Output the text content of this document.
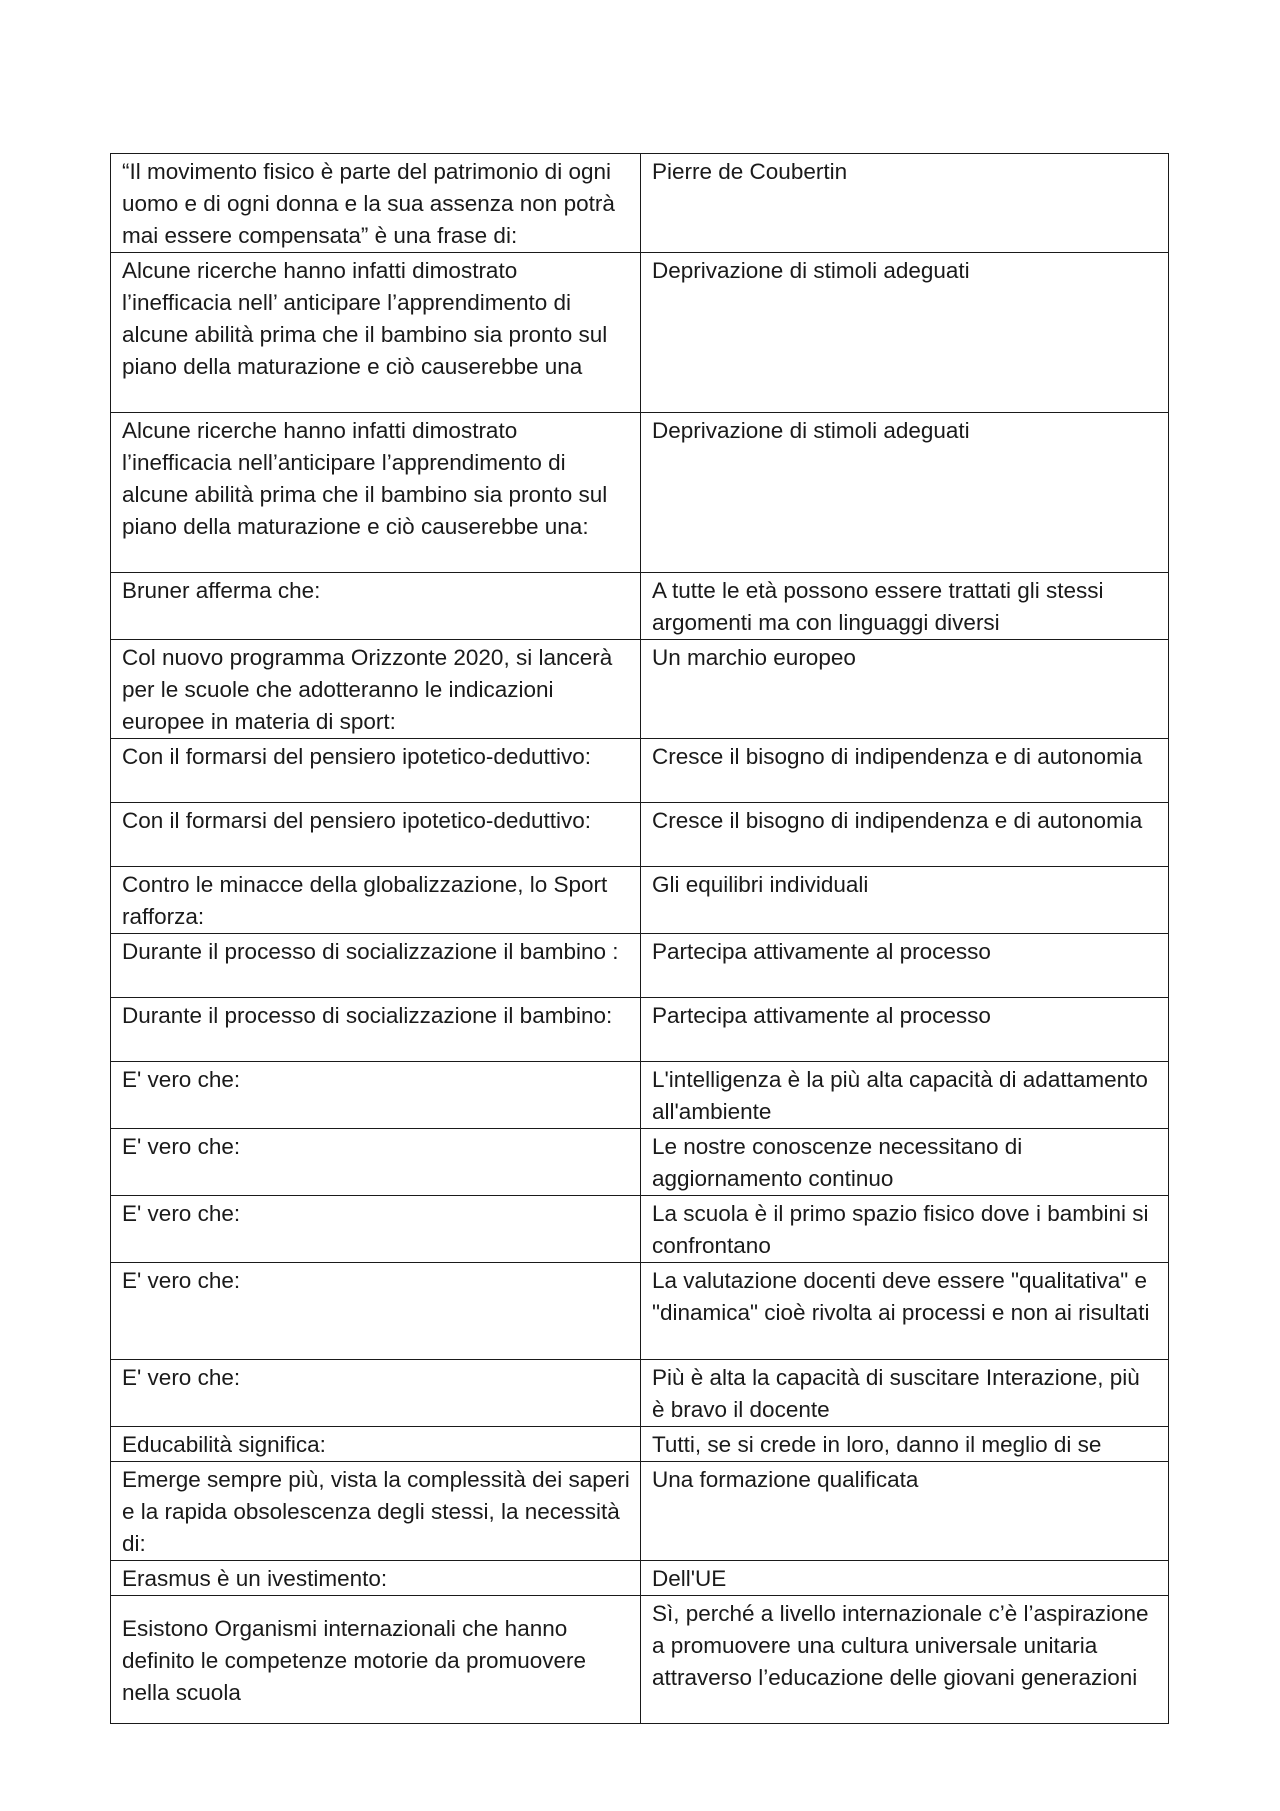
“Il movimento fisico è parte del patrimonio di ogni uomo e di ogni donna e la sua assenza non potrà mai essere compensata” è una frase di:	Pierre de Coubertin
Alcune ricerche hanno infatti dimostrato l’inefficacia nell’ anticipare l’apprendimento di alcune abilità prima che il bambino sia pronto sul piano della maturazione e ciò causerebbe una	Deprivazione di stimoli adeguati
Alcune ricerche hanno infatti dimostrato l’inefficacia nell’anticipare l’apprendimento di alcune abilità prima che il bambino sia pronto sul piano della maturazione e ciò causerebbe una:	Deprivazione di stimoli adeguati
Bruner afferma che:	A tutte le età possono essere trattati gli stessi argomenti ma con linguaggi diversi
Col nuovo programma Orizzonte 2020, si lancerà per le scuole che adotteranno le indicazioni europee in materia di sport:	Un marchio europeo
Con il formarsi del pensiero ipotetico-deduttivo:	Cresce il bisogno di indipendenza e di autonomia
Con il formarsi del pensiero ipotetico-deduttivo:	Cresce il bisogno di indipendenza e di autonomia
Contro le minacce della globalizzazione, lo Sport rafforza:	Gli equilibri individuali
Durante il processo di socializzazione il bambino :	Partecipa attivamente al processo
Durante il processo di socializzazione il bambino:	Partecipa attivamente al processo
E' vero che:	L'intelligenza è la più alta capacità di adattamento all'ambiente
E' vero che:	Le nostre conoscenze necessitano di aggiornamento continuo
E' vero che:	La scuola è il primo spazio fisico dove i bambini si confrontano
E' vero che:	La valutazione docenti deve essere "qualitativa" e "dinamica" cioè rivolta ai processi e non ai risultati
E' vero che:	Più è alta la capacità di suscitare Interazione, più è bravo il docente
Educabilità significa:	Tutti, se si crede in loro, danno il meglio di se
Emerge sempre più, vista la complessità dei saperi e la rapida obsolescenza degli stessi, la necessità di:	Una formazione qualificata
Erasmus è un ivestimento:	Dell'UE
Esistono Organismi internazionali che hanno definito le competenze motorie da promuovere nella scuola	Sì, perché a livello internazionale c’è l’aspirazione a promuovere una cultura universale unitaria attraverso l’educazione delle giovani generazioni
